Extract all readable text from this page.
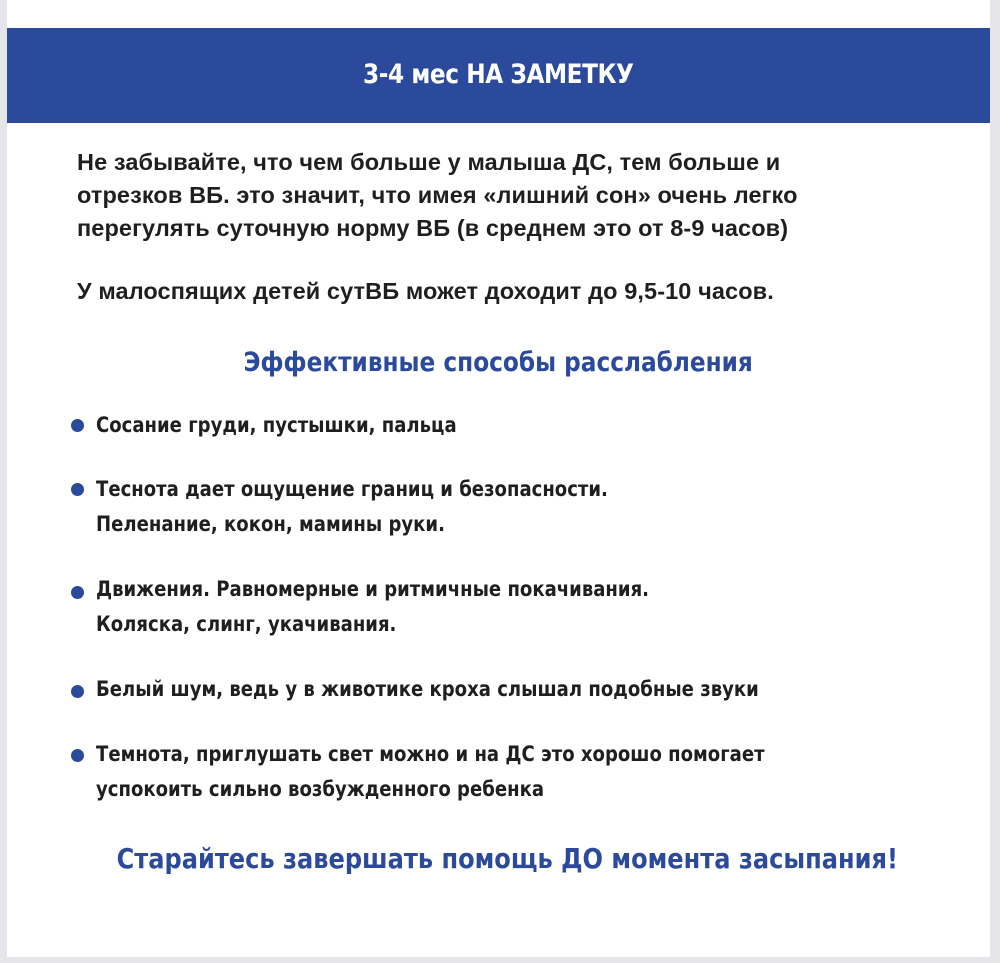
3-4 мес НА ЗАМЕТКУ

Не забывайте, что чем больше у малыша ДС, тем больше и
отрезков ВБ. это значит, что имея «лишний сон» очень легко
перегулять суточную норму ВБ (в среднем это от 8-9 часов)

У малоспящих детей сутВБ может доходит до 9,5-10 часов.

Эффективные способы расслабления
Сосание груди, пустышки, пальца
Теснота дает ощущение границ и безопасности.
Пеленание, кокон, мамины руки.
Движения. Равномерные и ритмичные покачивания.
Коляска, слинг, укачивания.
Белый шум, ведь у в животике кроха слышал подобные звуки
Темнота, приглушать свет можно и на ДС это хорошо помогает
успокоить сильно возбужденного ребенка
Старайтесь завершать помощь ДО момента засыпания!
